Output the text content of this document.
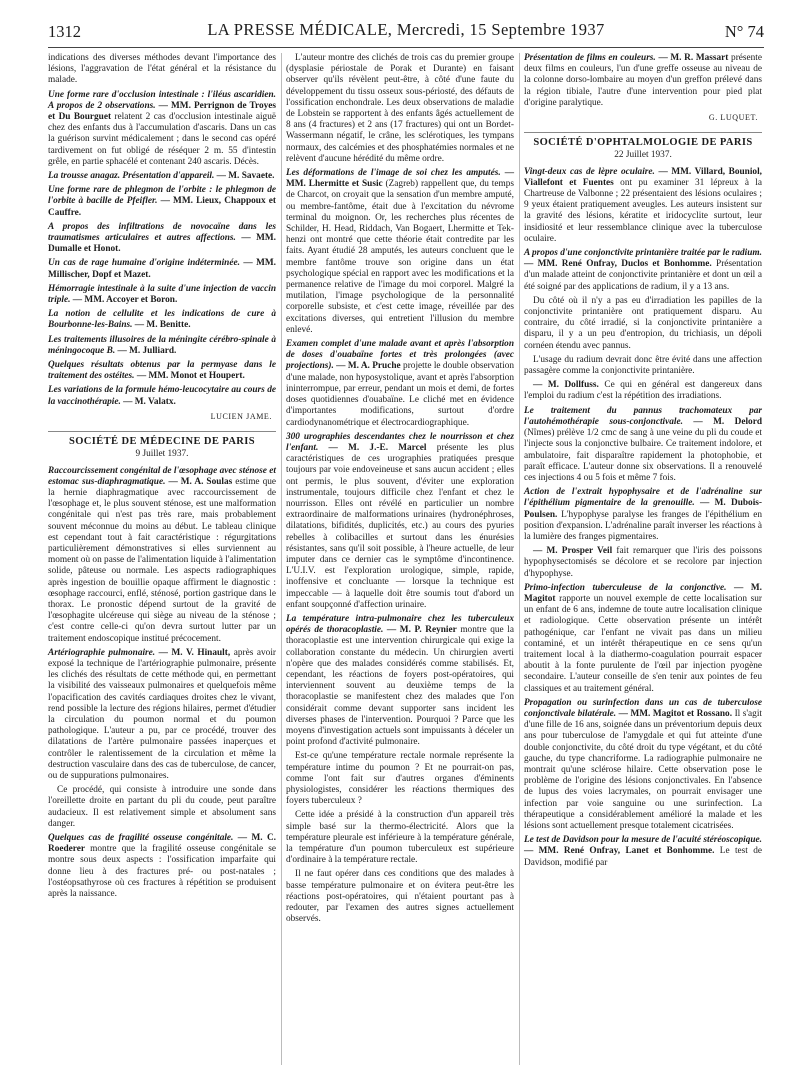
1312	LA PRESSE MÉDICALE, Mercredi, 15 Septembre 1937	N° 74

indications des diverses méthodes devant l'importance des lésions, l'aggravation de l'état général et la résistance du malade.

Une forme rare d'occlusion intestinale : l'iléus ascaridien. A propos de 2 observations. — MM. Perrignon de Troyes et Du Bourguet relatent 2 cas d'occlusion intestinale aiguë chez des enfants dus à l'accumulation d'ascaris. Dans un cas la guérison survint médicalement ; dans le second cas opéré tardivement on fut obligé de réséquer 2 m. 55 d'intestin grêle, en partie sphacélé et contenant 240 ascaris. Décès.

La trousse anagaz. Présentation d'appareil. — M. Savaete.

Une forme rare de phlegmon de l'orbite : le phlegmon de l'orbite à bacille de Pfeifler. — MM. Lieux, Chappoux et Cauffre.

A propos des infiltrations de novocaïne dans les traumatismes articulaires et autres affections. — MM. Dumalle et Honot.

Un cas de rage humaine d'origine indéterminée. — MM. Millischer, Dopf et Mazet.

Hémorragie intestinale à la suite d'une injection de vaccin triple. — MM. Accoyer et Boron.

La notion de cellulite et les indications de cure à Bourbonne-les-Bains. — M. Benitte.

Les traitements illusoires de la méningite cérébro-spinale à méningocoque B. — M. Julliard.

Quelques résultats obtenus par la permyase dans le traitement des ostéites. — MM. Monot et Houpert.

Les variations de la formule hémo-leucocytaire au cours de la vaccinothérapie. — M. Valatx.

LUCIEN JAME.

SOCIÉTÉ DE MÉDECINE DE PARIS

9 Juillet 1937.

Raccourcissement congénital de l'œsophage avec sténose et estomac sus-diaphragmatique. — M. A. Soulas estime que la hernie diaphragmatique avec raccourcissement de l'œsophage et, le plus souvent sténose, est une malformation congénitale qui n'est pas très rare, mais probablement souvent méconnue du moins au début. Le tableau clinique est cependant tout à fait caractéristique : régurgitations particulièrement démonstratives si elles surviennent au moment où on passe de l'alimentation liquide à l'alimentation solide, pâteuse ou normale. Les aspects radiographiques après ingestion de bouillie opaque affirment le diagnostic : œsophage raccourci, enflé, sténosé, portion gastrique dans le thorax. Le pronostic dépend surtout de la gravité de l'œsophagite ulcéreuse qui siège au niveau de la sténose ; c'est contre celle-ci qu'on devra surtout lutter par un traitement endoscopique institué précocement.

Artériographie pulmonaire. — M. V. Hinault, après avoir exposé la technique de l'artériographie pulmonaire, présente les clichés des résultats de cette méthode qui, en permettant la visibilité des vaisseaux pulmonaires et quelquefois même l'opacification des cavités cardiaques droites chez le vivant, rend possible la lecture des régions hilaires, permet d'étudier la circulation du poumon normal et du poumon pathologique. L'auteur a pu, par ce procédé, trouver des dilatations de l'artère pulmonaire passées inaperçues et contrôler le ralentissement de la circulation et même la destruction vasculaire dans des cas de tuberculose, de cancer, ou de suppurations pulmonaires.

Ce procédé, qui consiste à introduire une sonde dans l'oreillette droite en partant du pli du coude, peut paraître audacieux. Il est relativement simple et absolument sans danger.

Quelques cas de fragilité osseuse congénitale. — M. C. Roederer montre que la fragilité osseuse congénitale se montre sous deux aspects : l'ossification imparfaite qui donne lieu à des fractures pré- ou post-natales ; l'ostéopsathyrose où ces fractures à répétition se produisent après la naissance.

L'auteur montre des clichés de trois cas du premier groupe (dysplasie périostale de Porak et Durante) en faisant observer qu'ils révèlent peut-être, à côté d'une faute du développement du tissu osseux sous-périosté, des défauts de l'ossification enchondrale. Les deux observations de maladie de Lobstein se rapportent à des enfants âgés actuellement de 8 ans (4 fractures) et 2 ans (17 fractures) qui ont un Bordet-Wassermann négatif, le crâne, les sclérotiques, les tympans normaux, des calcémies et des phosphatémies normales et ne relèvent d'aucune hérédité du même ordre.

Les déformations de l'image de soi chez les amputés. — MM. Lhermitte et Susic (Zagreb) rappellent que, du temps de Charcot, on croyait que la sensation d'un membre amputé, ou membre-fantôme, était due à l'excitation du névrome terminal du moignon. Or, les recherches plus récentes de Schilder, H. Head, Riddach, Van Bogaert, Lhermitte et Tek-henzi ont montré que cette théorie était contredite par les faits. Ayant étudié 28 amputés, les auteurs concluent que le membre fantôme trouve son origine dans un état psychologique spécial en rapport avec les modifications et la permanence relative de l'image du moi corporel. Malgré la mutilation, l'image psychologique de la personnalité corporelle subsiste, et c'est cette image, réveillée par des excitations diverses, qui entretient l'illusion du membre enlevé.

Examen complet d'une malade avant et après l'absorption de doses d'ouabaïne fortes et très prolongées (avec projections). — M. A. Pruche projette le double observation d'une malade, non hyposystolique, avant et après l'absorption ininterrompue, par erreur, pendant un mois et demi, de fortes doses quotidiennes d'ouabaïne. Le cliché met en évidence d'importantes modifications, surtout d'ordre cardiodynanométrique et électrocardiographique.

300 urographies descendantes chez le nourrisson et chez l'enfant. — M. J.-E. Marcel présente les plus caractéristiques de ces urographies pratiquées presque toujours par voie endoveineuse et sans aucun accident ; elles ont permis, le plus souvent, d'éviter une exploration instrumentale, toujours difficile chez l'enfant et chez le nourrisson. Elles ont révélé en particulier un nombre extraordinaire de malformations urinaires (hydronéphroses, dilatations, bifidités, duplicités, etc.) au cours des pyuries rebelles à colibacilles et surtout dans les énurésies résistantes, sans qu'il soit possible, à l'heure actuelle, de leur imputer dans ce dernier cas le symptôme d'incontinence. L'U.I.V. est l'exploration urologique, simple, rapide, inoffensive et concluante — lorsque la technique est impeccable — à laquelle doit être soumis tout d'abord un enfant soupçonné d'affection urinaire.

La température intra-pulmonaire chez les tuberculeux opérés de thoracoplastie. — M. P. Reynier montre que la thoracoplastie est une intervention chirurgicale qui exige la collaboration constante du médecin. Un chirurgien averti n'opère que des malades considérés comme stabilisés. Et, cependant, les réactions de foyers post-opératoires, qui interviennent souvent au deuxième temps de la thoracoplastie se manifestent chez des malades que l'on considérait comme devant supporter sans incident les diverses phases de l'intervention. Pourquoi ? Parce que les moyens d'investigation actuels sont impuissants à déceler un point profond d'activité pulmonaire.

Est-ce qu'une température rectale normale représente la température intime du poumon ? Et ne pourrait-on pas, comme l'ont fait sur d'autres organes d'éminents physiologistes, considérer les réactions thermiques des foyers tuberculeux ?

Cette idée a présidé à la construction d'un appareil très simple basé sur la thermo-électricité. Alors que la température pleurale est inférieure à la température générale, la température d'un poumon tuberculeux est supérieure d'ordinaire à la température rectale.

Il ne faut opérer dans ces conditions que des malades à basse température pulmonaire et on évitera peut-être les réactions post-opératoires, qui n'étaient pourtant pas à redouter, par l'examen des autres signes actuellement observés.

Présentation de films en couleurs. — M. R. Massart présente deux films en couleurs, l'un d'une greffe osseuse au niveau de la colonne dorso-lombaire au moyen d'un greffon prélevé dans la région tibiale, l'autre d'une intervention pour pied plat d'origine paralytique.

G. LUQUET.

SOCIÉTÉ D'OPHTALMOLOGIE DE PARIS

22 Juillet 1937.

Vingt-deux cas de lèpre oculaire. — MM. Villard, Bouniol, Viallefont et Fuentes ont pu examiner 31 lépreux à la Chartreuse de Valbonne ; 22 présentaient des lésions oculaires ; 9 yeux étaient pratiquement aveugles. Les auteurs insistent sur la gravité des lésions, kératite et iridocyclite surtout, leur insidiosité et leur ressemblance clinique avec la tuberculose oculaire.

A propos d'une conjonctivite printanière traitée par le radium. — MM. René Onfray, Duclos et Bonhomme. Présentation d'un malade atteint de conjonctivite printanière et dont un œil a été soigné par des applications de radium, il y a 13 ans.

Du côté où il n'y a pas eu d'irradiation les papilles de la conjonctivite printanière ont pratiquement disparu. Au contraire, du côté irradié, si la conjonctivite printanière a disparu, il y a un peu d'entropion, du trichiasis, un dépoli cornéen étendu avec pannus.

L'usage du radium devrait donc être évité dans une affection passagère comme la conjonctivite printanière.

— M. Dollfuss. Ce qui en général est dangereux dans l'emploi du radium c'est la répétition des irradiations.

Le traitement du pannus trachomateux par l'autohémothérapie sous-conjonctivale. — M. Delord (Nîmes) prélève 1/2 cmc de sang à une veine du pli du coude et l'injecte sous la conjonctive bulbaire. Ce traitement indolore, et ambulatoire, fait disparaître rapidement la photophobie, et paraît efficace. L'auteur donne six observations. Il a renouvelé ces injections 4 ou 5 fois et même 7 fois.

Action de l'extrait hypophysaire et de l'adrénaline sur l'épithélium pigmentaire de la grenouille. — M. Dubois-Poulsen. L'hypophyse paralyse les franges de l'épithélium en position d'expansion. L'adrénaline paraît inverser les réactions à la lumière des franges pigmentaires.

— M. Prosper Veil fait remarquer que l'iris des poissons hypophysectomisés se décolore et se recolore par injection d'hypophyse.

Primo-infection tuberculeuse de la conjonctive. — M. Magitot rapporte un nouvel exemple de cette localisation sur un enfant de 6 ans, indemne de toute autre localisation clinique et radiologique. Cette observation présente un intérêt pathogénique, car l'enfant ne vivait pas dans un milieu contaminé, et un intérêt thérapeutique en ce sens qu'un traitement local à la diathermo-coagulation pourrait espacer aboutit à la fonte purulente de l'œil par injection pyogène secondaire. L'auteur conseille de s'en tenir aux pointes de feu classiques et au traitement général.

Propagation ou surinfection dans un cas de tuberculose conjonctivale bilatérale. — MM. Magitot et Rossano. Il s'agit d'une fille de 16 ans, soignée dans un préventorium depuis deux ans pour tuberculose de l'amygdale et qui fut atteinte d'une double conjonctivite, du côté droit du type végétant, et du côté gauche, du type chancriforme. La radiographie pulmonaire ne montrait qu'une sclérose hilaire. Cette observation pose le problème de l'origine des lésions conjonctivales. En l'absence de lupus des voies lacrymales, on pourrait envisager une infection par voie sanguine ou une surinfection. La thérapeutique a considérablement amélioré la malade et les lésions sont actuellement presque totalement cicatrisées.

Le test de Davidson pour la mesure de l'acuité stéréoscopique. — MM. René Onfray, Lanet et Bonhomme. Le test de Davidson, modifié par
